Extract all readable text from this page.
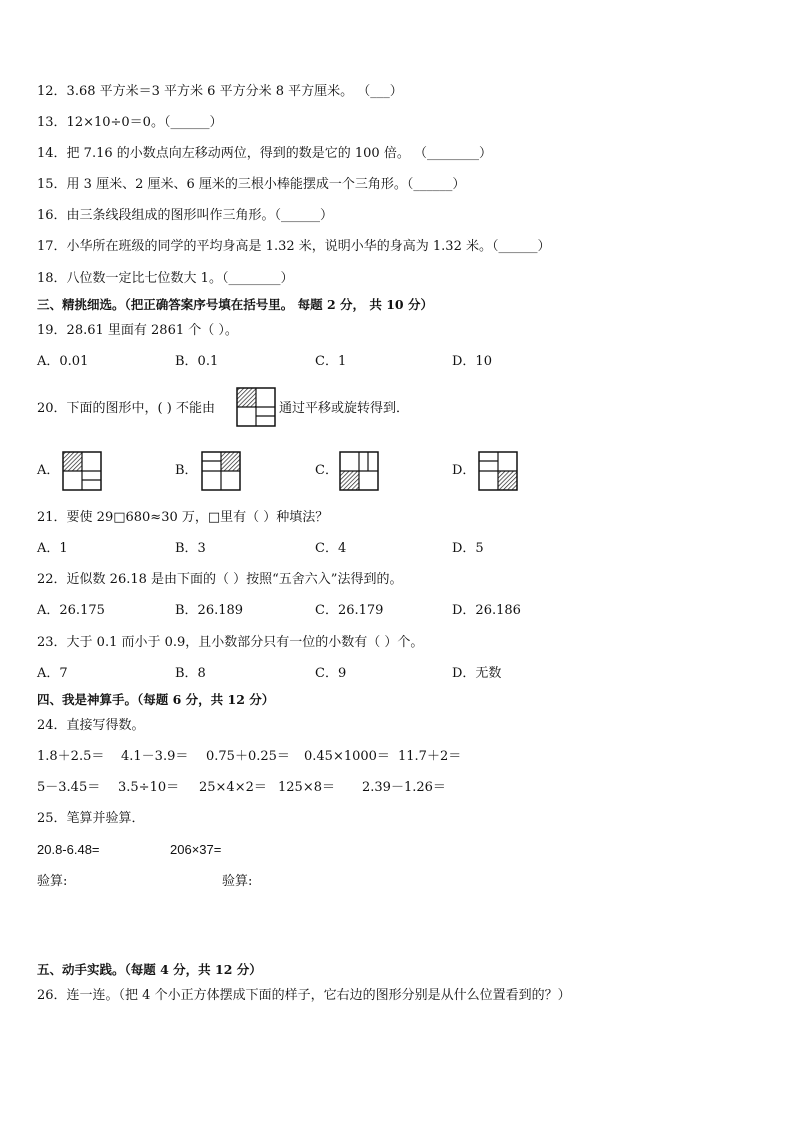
12．3.68 平方米＝3 平方米 6 平方分米 8 平方厘米。 （___）
13．12×10÷0＝0。（______）
14．把 7.16 的小数点向左移动两位，得到的数是它的 100 倍。 （________）
15．用 3 厘米、2 厘米、6 厘米的三根小棒能摆成一个三角形。（______）
16．由三条线段组成的图形叫作三角形。（______）
17．小华所在班级的同学的平均身高是 1.32 米，说明小华的身高为 1.32 米。（______）
18．八位数一定比七位数大 1。（________）
三、精挑细选。（把正确答案序号填在括号里。 每题 2 分， 共 10 分）
19．28.61 里面有 2861 个（ ）。
A．0.01	B．0.1	C．1	D．10
20．下面的图形中，( ) 不能由	通过平移或旋转得到．
A．	B．	C．	D．
21．要使 29□680≈30 万，□里有（ ）种填法？
A．1	B．3	C．4	D．5
22．近似数 26.18 是由下面的（ ）按照“五舍六入”法得到的。
A．26.175	B．26.189	C．26.179	D．26.186
23．大于 0.1 而小于 0.9，且小数部分只有一位的小数有（ ）个。
A．7	B．8	C．9	D．无数
四、我是神算手。（每题 6 分，共 12 分）
24．直接写得数。
1.8＋2.5＝ 4.1－3.9＝ 0.75＋0.25＝ 0.45×1000＝ 11.7＋2＝
5－3.45＝ 3.5÷10＝ 25×4×2＝ 125×8＝ 2.39－1.26＝
25．笔算并验算．
20.8-6.48=	206×37=
验算:	验算:
五、动手实践。（每题 4 分，共 12 分）
26．连一连。（把 4 个小正方体摆成下面的样子，它右边的图形分别是从什么位置看到的？）
